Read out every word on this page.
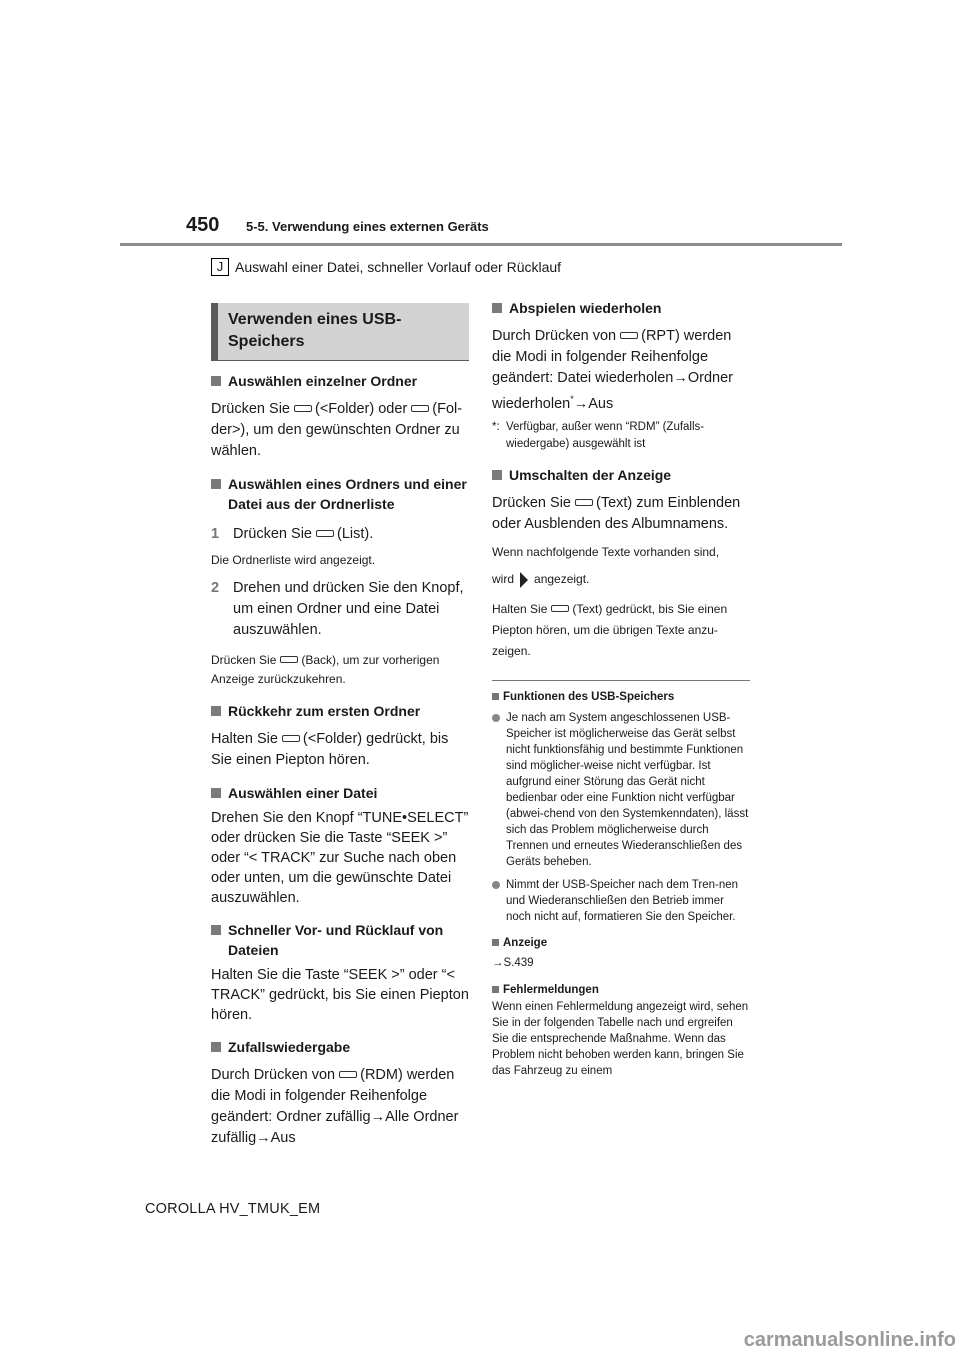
450 5-5. Verwendung eines externen Geräts
J Auswahl einer Datei, schneller Vorlauf oder Rücklauf
Verwenden eines USB-Speichers
Auswählen einzelner Ordner
Drücken Sie (<Folder) oder (Fol-der>), um den gewünschten Ordner zu wählen.
Auswählen eines Ordners und einer Datei aus der Ordnerliste
1 Drücken Sie (List).
Die Ordnerliste wird angezeigt.
2 Drehen und drücken Sie den Knopf, um einen Ordner und eine Datei auszuwählen.
Drücken Sie (Back), um zur vorherigen Anzeige zurückzukehren.
Rückkehr zum ersten Ordner
Halten Sie (<Folder) gedrückt, bis Sie einen Piepton hören.
Auswählen einer Datei
Drehen Sie den Knopf “TUNE•SELECT” oder drücken Sie die Taste “SEEK >” oder “< TRACK” zur Suche nach oben oder unten, um die gewünschte Datei auszuwählen.
Schneller Vor- und Rücklauf von Dateien
Halten Sie die Taste “SEEK >” oder “< TRACK” gedrückt, bis Sie einen Piepton hören.
Zufallswiedergabe
Durch Drücken von (RDM) werden die Modi in folgender Reihenfolge geändert: Ordner zufällig→Alle Ordner zufällig→Aus
Abspielen wiederholen
Durch Drücken von (RPT) werden die Modi in folgender Reihenfolge geändert: Datei wiederholen→Ordner wiederholen*→Aus
*: Verfügbar, außer wenn “RDM” (Zufalls-wiedergabe) ausgewählt ist
Umschalten der Anzeige
Drücken Sie (Text) zum Einblenden oder Ausblenden des Albumnamens.
Wenn nachfolgende Texte vorhanden sind,
wird angezeigt.
Halten Sie (Text) gedrückt, bis Sie einen Piepton hören, um die übrigen Texte anzu-zeigen.
Funktionen des USB-Speichers
Je nach am System angeschlossenen USB-Speicher ist möglicherweise das Gerät selbst nicht funktionsfähig und bestimmte Funktionen sind möglicher-weise nicht verfügbar. Ist aufgrund einer Störung das Gerät nicht bedienbar oder eine Funktion nicht verfügbar (abwei-chend von den Systemkenndaten), lässt sich das Problem möglicherweise durch Trennen und erneutes Wiederanschließen des Geräts beheben.
Nimmt der USB-Speicher nach dem Tren-nen und Wiederanschließen den Betrieb immer noch nicht auf, formatieren Sie den Speicher.
Anzeige
→S.439
Fehlermeldungen
Wenn einen Fehlermeldung angezeigt wird, sehen Sie in der folgenden Tabelle nach und ergreifen Sie die entsprechende Maßnahme. Wenn das Problem nicht behoben werden kann, bringen Sie das Fahrzeug zu einem
COROLLA HV_TMUK_EM
carmanualsonline.info
